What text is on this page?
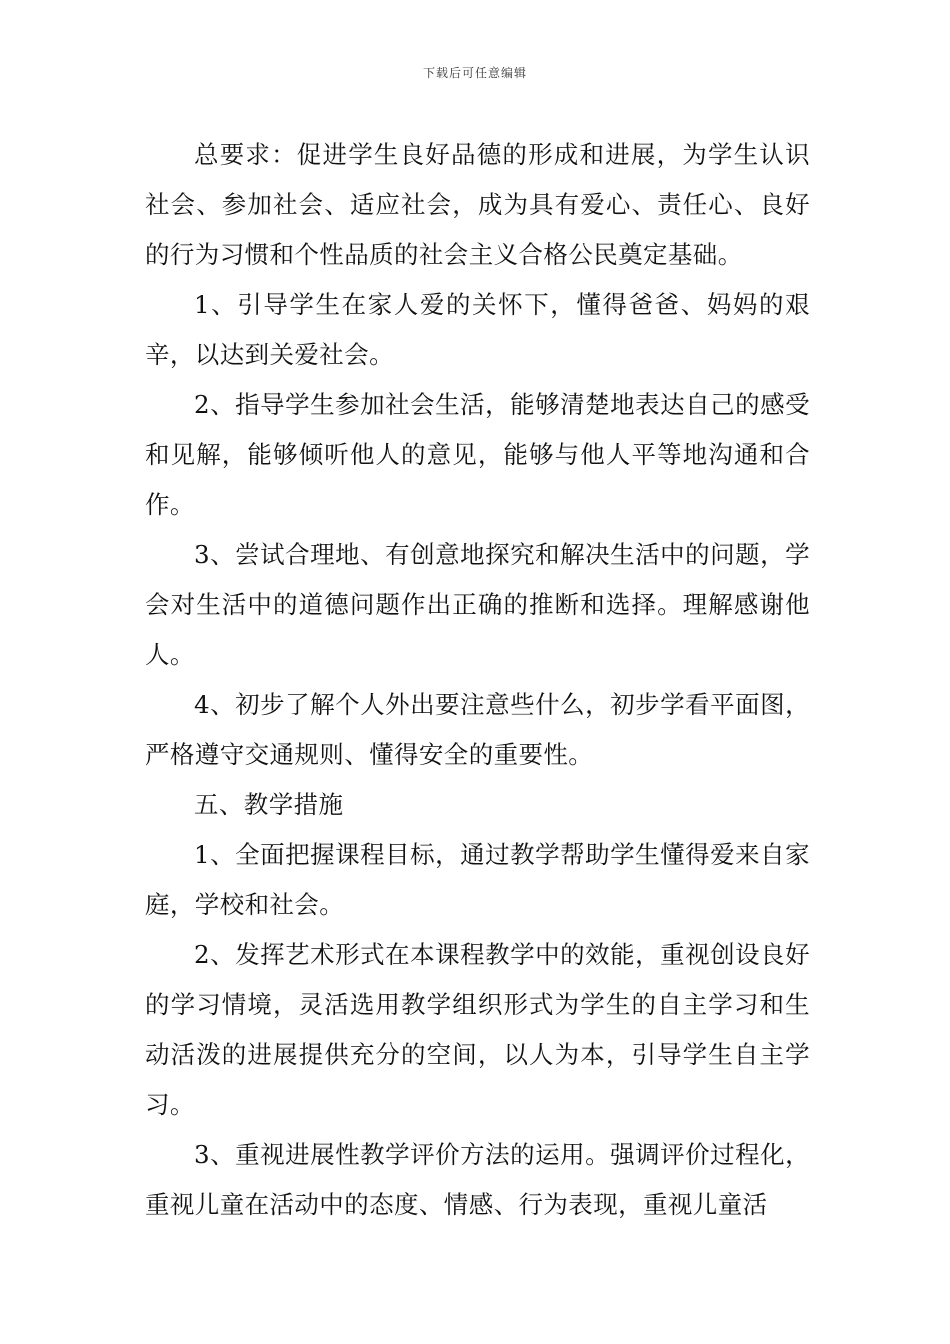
下载后可任意编辑

总要求：促进学生良好品德的形成和进展，为学生认识社会、参加社会、适应社会，成为具有爱心、责任心、良好的行为习惯和个性品质的社会主义合格公民奠定基础。

1、引导学生在家人爱的关怀下，懂得爸爸、妈妈的艰辛，以达到关爱社会。

2、指导学生参加社会生活，能够清楚地表达自己的感受和见解，能够倾听他人的意见，能够与他人平等地沟通和合作。

3、尝试合理地、有创意地探究和解决生活中的问题，学会对生活中的道德问题作出正确的推断和选择。理解感谢他人。

4、初步了解个人外出要注意些什么，初步学看平面图，严格遵守交通规则、懂得安全的重要性。

五、教学措施

1、全面把握课程目标，通过教学帮助学生懂得爱来自家庭，学校和社会。

2、发挥艺术形式在本课程教学中的效能，重视创设良好的学习情境，灵活选用教学组织形式为学生的自主学习和生动活泼的进展提供充分的空间，以人为本，引导学生自主学习。

3、重视进展性教学评价方法的运用。强调评价过程化，重视儿童在活动中的态度、情感、行为表现，重视儿童活
